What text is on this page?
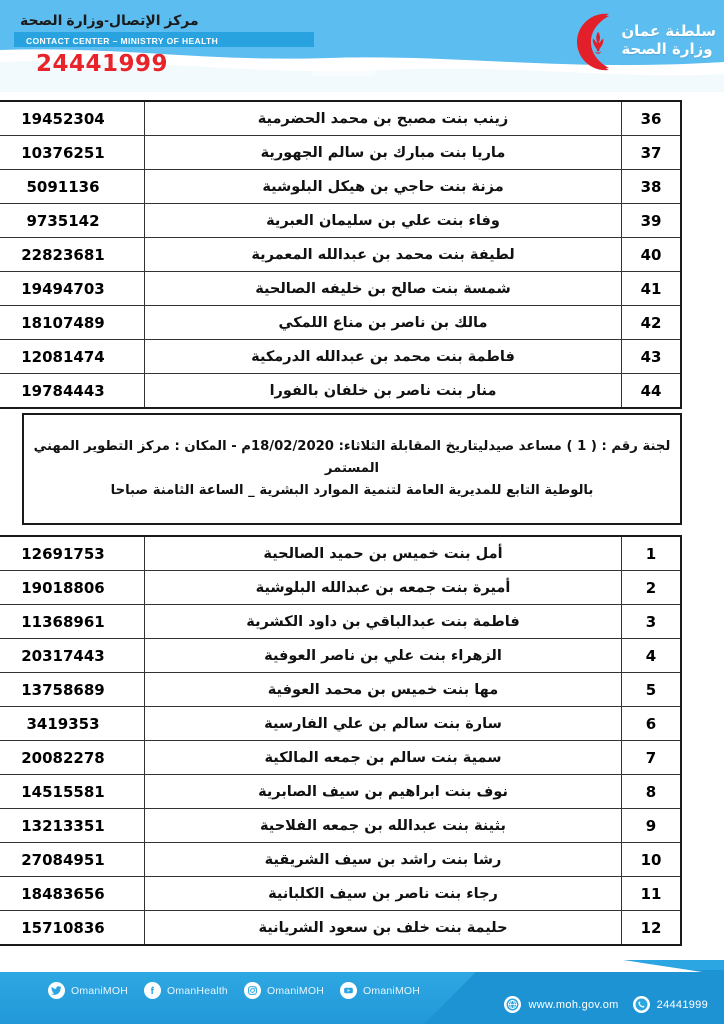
مركز الإتصال-وزارة الصحة
CONTACT CENTER – MINISTRY OF HEALTH
24441999
سلطنة عمان
وزارة الصحة
36	زينب بنت مصبح بن محمد الحضرمية	19452304
37	ماريا بنت مبارك بن سالم الجهورية	10376251
38	مزنة بنت حاجي بن هيكل البلوشية	5091136
39	وفاء بنت علي بن سليمان العبرية	9735142
40	لطيفة بنت محمد بن عبدالله المعمرية	22823681
41	شمسة بنت صالح بن خليفه الصالحية	19494703
42	مالك بن ناصر بن مناع اللمكي	18107489
43	فاطمة بنت محمد بن عبدالله الدرمكية	12081474
44	منار بنت ناصر بن خلفان بالفورا	19784443
لجنة رقم : ( 1 ) مساعد صيدليتاريخ المقابلة الثلاثاء: 18/02/2020م - المكان : مركز التطوير المهني المستمر
بالوطية التابع للمديرية العامة لتنمية الموارد البشرية _ الساعة الثامنة صباحا
1	أمل بنت خميس بن حميد الصالحية	12691753
2	أميرة بنت جمعه بن عبدالله البلوشية	19018806
3	فاطمة بنت عبدالباقي بن داود الكشرية	11368961
4	الزهراء بنت علي بن ناصر العوفية	20317443
5	مها بنت خميس بن محمد العوفية	13758689
6	سارة بنت سالم بن علي الفارسية	3419353
7	سمية بنت سالم بن جمعه المالكية	20082278
8	نوف بنت ابراهيم بن سيف الصابرية	14515581
9	بثينة بنت عبدالله بن جمعه الفلاحية	13213351
10	رشا بنت راشد بن سيف الشريقية	27084951
11	رجاء بنت ناصر بن سيف الكلبانية	18483656
12	حليمة بنت خلف بن سعود الشريانية	15710836
OmaniMOH	OmanHealth	OmaniMOH	OmaniMOH
www.moh.gov.om	24441999
